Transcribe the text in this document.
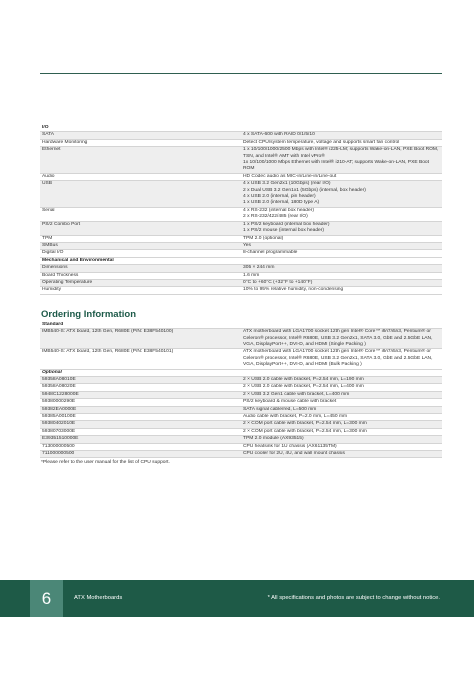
I/O	
SATA	4 x SATA-600 with RAID 0/1/5/10
Hardware Monitoring	Detect CPU/system temperature, voltage and supports smart fan control
Ethernet	1 x 10/100/1000/2500 Mbps with Intel® i225-LM; supports Wake-on-LAN, PXE Boot ROM, TSN, and Intel® AMT with Intel vPro®
1x 10/100/1000 Mbps Ethernet with Intel® i210-AT; supports Wake-on-LAN, PXE Boot ROM
Audio	HD Codec audio as MIC-in/Line-in/Line-out
USB	4 x USB 3.2 Gen2x1 (10Gbps) (rear I/O)
2 x Dual USB 3.2 Gen1x1 (5Gbps) (internal, box header)
4 x USB 2.0 (internal, pin header)
1 x USB 2.0 (internal, 180D type A)
Serial	4 x RS-232 (internal box header)
2 x RS-232/422/485 (rear I/O)
PS/2 Combo Port	1 x PS/2 keyboard (internal box header)
1 x PS/2 mouse (internal box header)
TPM	TPM 2.0 (optional)
SMBus	Yes
Digital I/O	8-channel programmable
Mechanical and Environmental	
Dimensions	305 × 244 mm
Board Thickness	1.6 mm
Operating Temperature	0°C to +60°C (+32°F to +140°F)
Humidity	10% to 95% relative humidity, non-condensing
Ordering Information
Standard	
IMB540-S: ATX board, 12th Gen, R680E (P/N: E38F540100)	ATX motherboard with LGA1700 socket 12th gen Intel® Core™ i9/i7/i5/i3, Pentium® or Celeron® processor, Intel® R680E, USB 3.2 Gen2x1, SATA 3.0, GbE and 2.5GbE LAN, VGA, DisplayPort++, DVI-D, and HDMI (Single Packing )
IMB540-S: ATX board, 12th Gen, R680E (P/N: E38F540101)	ATX motherboard with LGA1700 socket 12th gen Intel® Core™ i9/i7/i5/i3, Pentium® or Celeron® processor, Intel® R680E, USB 3.2 Gen2x1, SATA 3.0, GbE and 2.5GbE LAN, VGA, DisplayPort++, DVI-D, and HDMI (Bulk Packing )
Optional	
59358A08010E	2 × USB 2.0 cable with bracket, P=2.54 mm, L=190 mm
59358A08020E	2 × USB 2.0 cable with bracket, P=2.54 mm, L=400 mm
5948C1228000E	2 × USB 3.2 Gen1 cable with bracket, L=400 mm
59380000290E	PS/2 keyboard & mouse cable with bracket
59382EA0000E	SATA signal cable/red, L=500 mm
59385A00100E	Audio cable with bracket, P=2.0 mm, L=450 mm
59380402010E	2 × COM port cable with bracket, P=2.54 mm, L=300 mm
59380703000E	2 × COM port cable with bracket, P=2.54 mm, L=300 mm
E39351510000E	TPM 2.0 module (AX93515)
713000000500	CPU heatsink for 1U chassis (AX61135TM)
711000000500	CPU cooler for 2U, 4U, and wall mount chassis
*Please refer to the user manual for the list of CPU support.
6	ATX Motherboards	* All specifications and photos are subject to change without notice.
